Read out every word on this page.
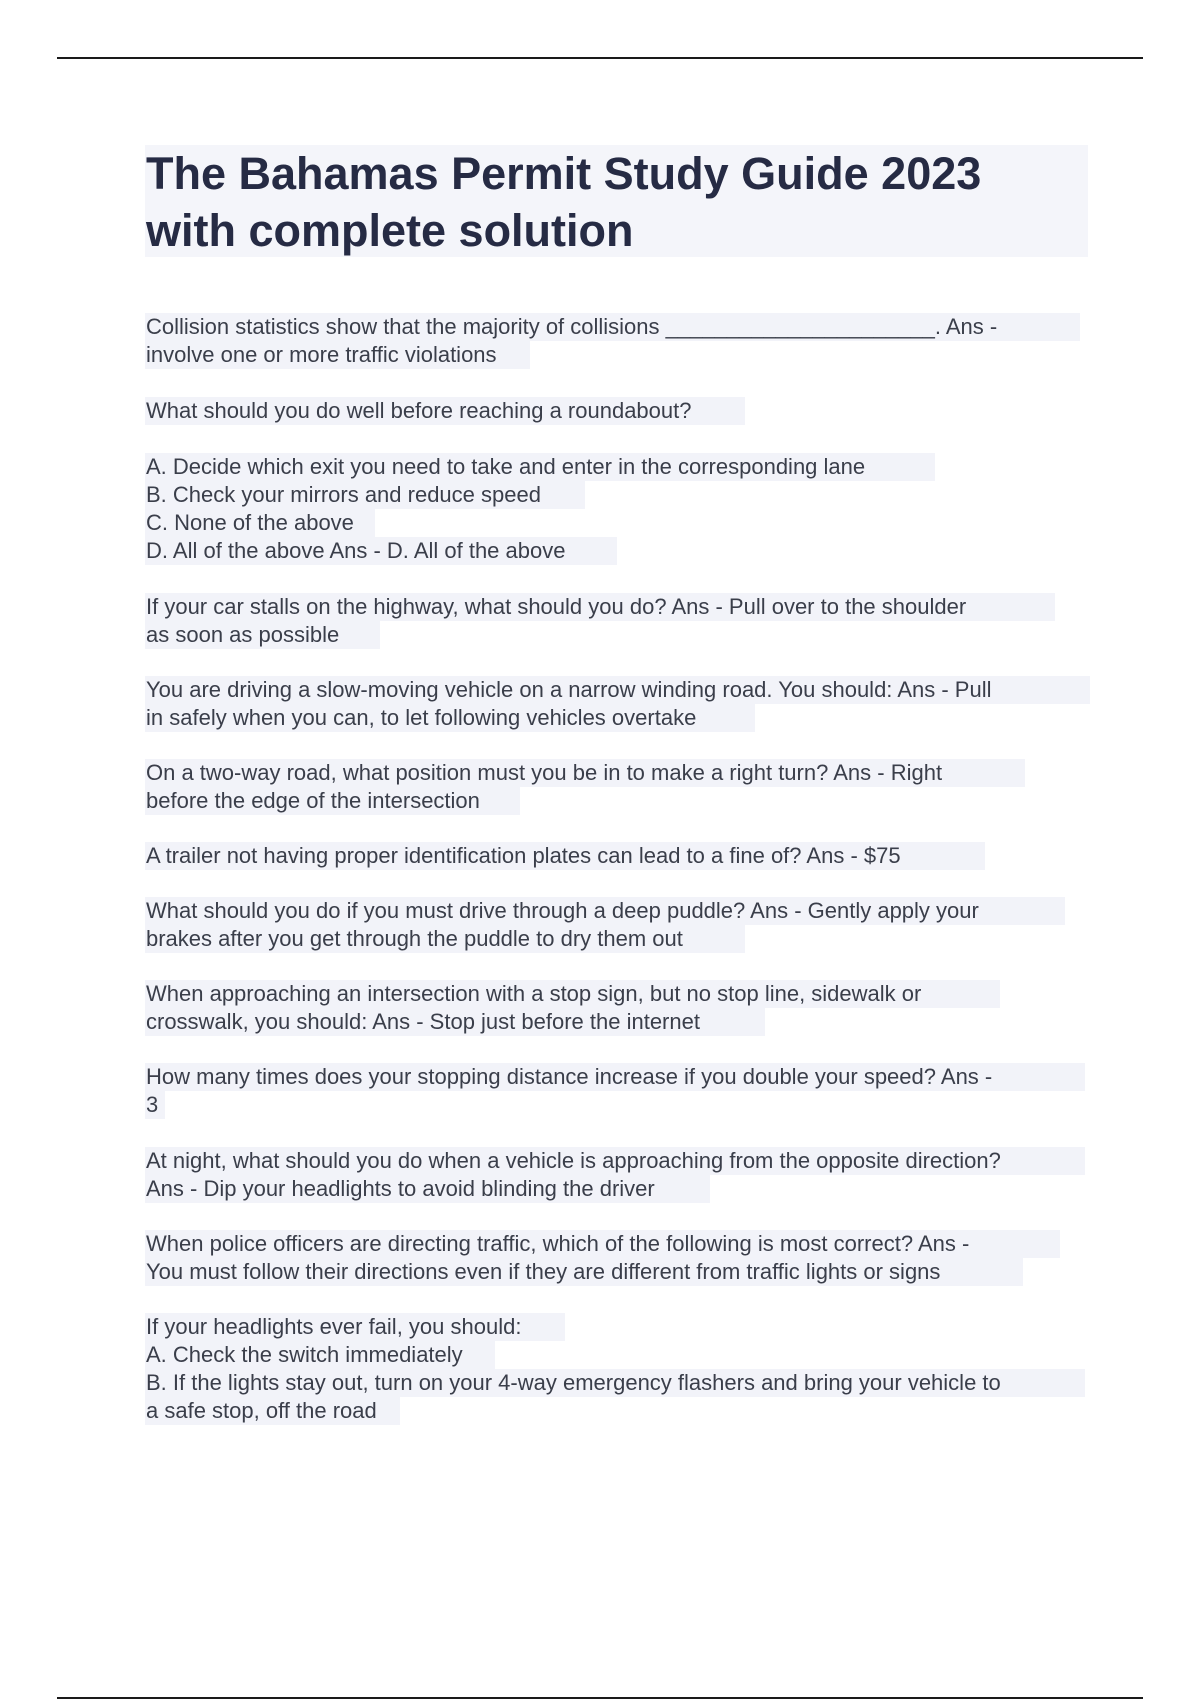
The Bahamas Permit Study Guide 2023
with complete solution
Collision statistics show that the majority of collisions ______________________. Ans -
involve one or more traffic violations
What should you do well before reaching a roundabout?
A. Decide which exit you need to take and enter in the corresponding lane
B. Check your mirrors and reduce speed
C. None of the above
D. All of the above Ans - D. All of the above
If your car stalls on the highway, what should you do? Ans - Pull over to the shoulder
as soon as possible
You are driving a slow-moving vehicle on a narrow winding road. You should: Ans - Pull
in safely when you can, to let following vehicles overtake
On a two-way road, what position must you be in to make a right turn? Ans - Right
before the edge of the intersection
A trailer not having proper identification plates can lead to a fine of? Ans - $75
What should you do if you must drive through a deep puddle? Ans - Gently apply your
brakes after you get through the puddle to dry them out
When approaching an intersection with a stop sign, but no stop line, sidewalk or
crosswalk, you should: Ans - Stop just before the internet
How many times does your stopping distance increase if you double your speed? Ans -
3
At night, what should you do when a vehicle is approaching from the opposite direction?
Ans - Dip your headlights to avoid blinding the driver
When police officers are directing traffic, which of the following is most correct? Ans -
You must follow their directions even if they are different from traffic lights or signs
If your headlights ever fail, you should:
A. Check the switch immediately
B. If the lights stay out, turn on your 4-way emergency flashers and bring your vehicle to
a safe stop, off the road
